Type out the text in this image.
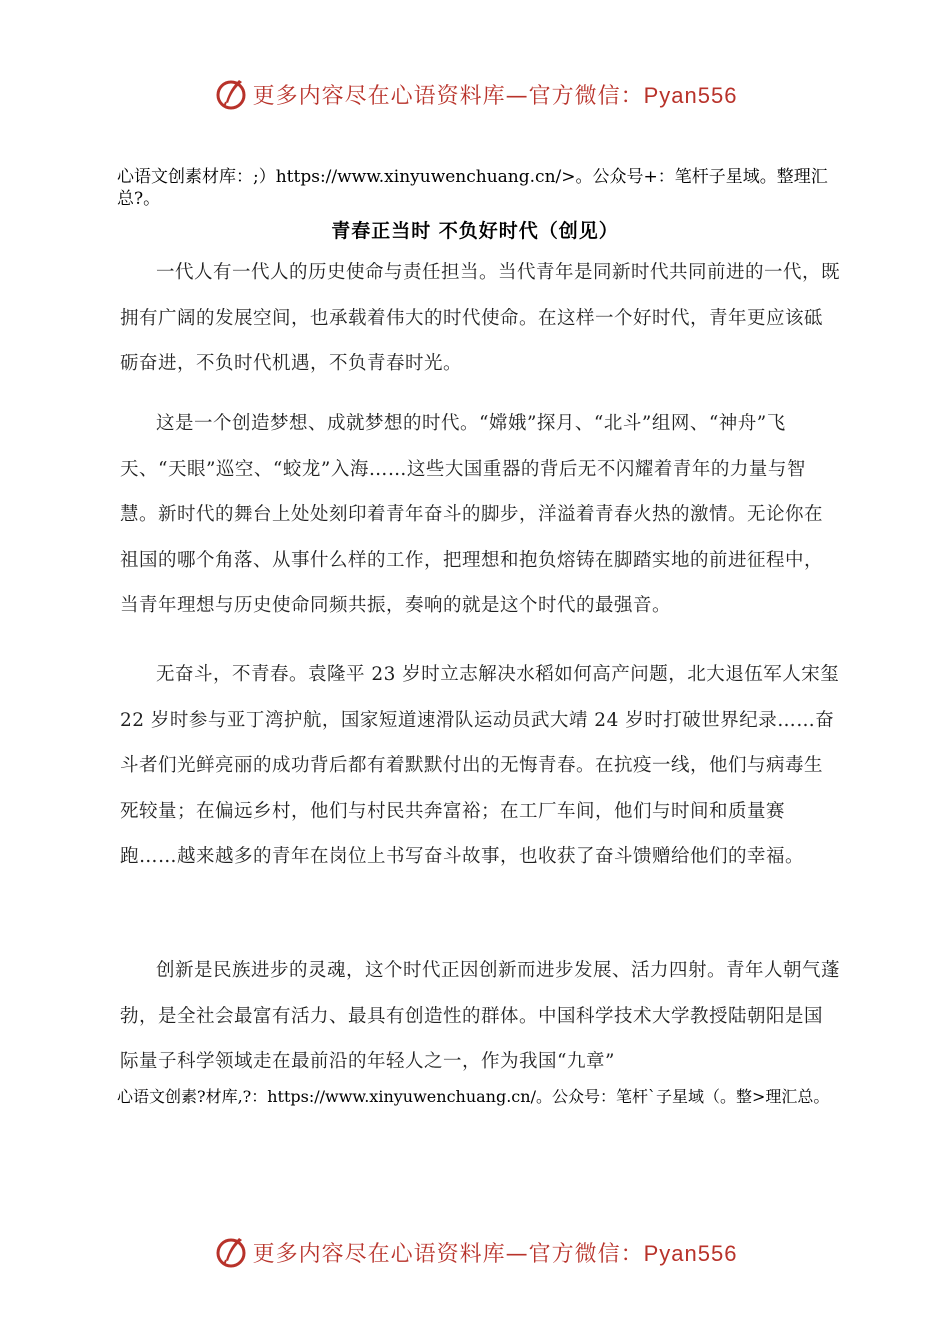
更多内容尽在心语资料库—官方微信：Pyan556
心语文创素材库：;）https://www.xinyuwenchuang.cn/>。公众号+：笔杆子星域。整理汇总?。
青春正当时 不负好时代（创见）
一代人有一代人的历史使命与责任担当。当代青年是同新时代共同前进的一代，既拥有广阔的发展空间，也承载着伟大的时代使命。在这样一个好时代，青年更应该砥砺奋进，不负时代机遇，不负青春时光。
这是一个创造梦想、成就梦想的时代。“嫦娥”探月、“北斗”组网、“神舟”飞天、“天眼”巡空、“蛟龙”入海……这些大国重器的背后无不闪耀着青年的力量与智慧。新时代的舞台上处处刻印着青年奋斗的脚步，洋溢着青春火热的激情。无论你在祖国的哪个角落、从事什么样的工作，把理想和抱负熔铸在脚踏实地的前进征程中，当青年理想与历史使命同频共振，奏响的就是这个时代的最强音。
无奋斗，不青春。袁隆平 23 岁时立志解决水稻如何高产问题，北大退伍军人宋玺 22 岁时参与亚丁湾护航，国家短道速滑队运动员武大靖 24 岁时打破世界纪录……奋斗者们光鲜亮丽的成功背后都有着默默付出的无悔青春。在抗疫一线，他们与病毒生死较量；在偏远乡村，他们与村民共奔富裕；在工厂车间，他们与时间和质量赛跑……越来越多的青年在岗位上书写奋斗故事，也收获了奋斗馈赠给他们的幸福。
创新是民族进步的灵魂，这个时代正因创新而进步发展、活力四射。青年人朝气蓬勃，是全社会最富有活力、最具有创造性的群体。中国科学技术大学教授陆朝阳是国际量子科学领域走在最前沿的年轻人之一，作为我国“九章”
心语文创素?材库,?：https://www.xinyuwenchuang.cn/。公众号：笔杆`子星域（。整>理汇总。
更多内容尽在心语资料库—官方微信：Pyan556
